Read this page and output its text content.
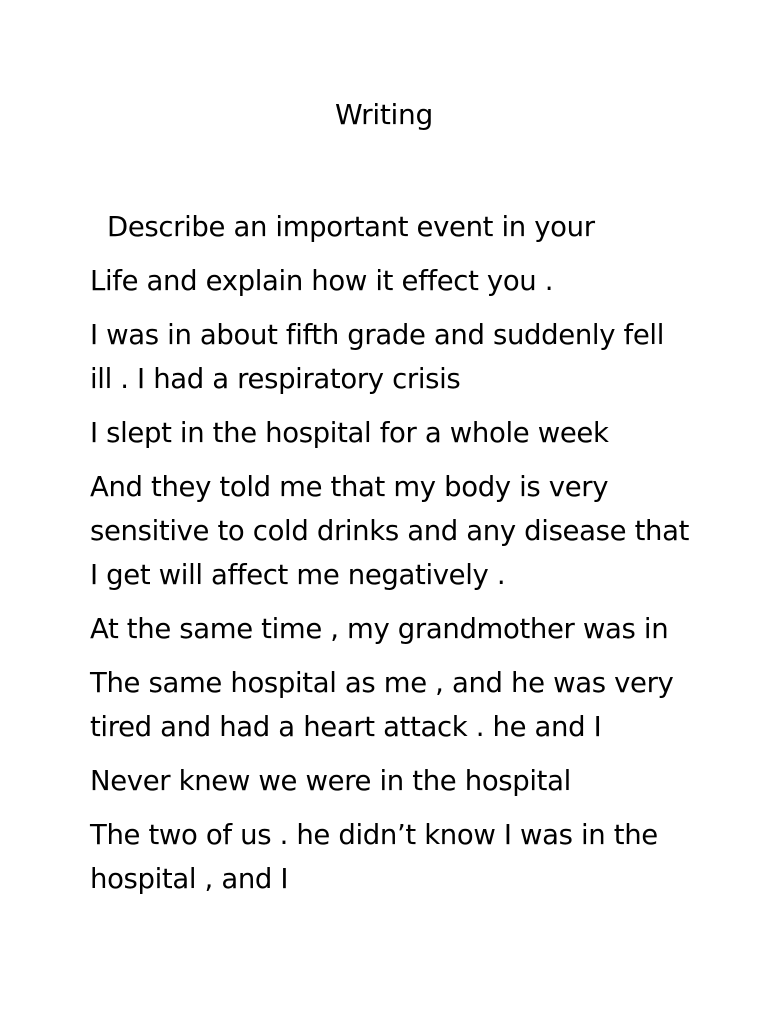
Writing

Describe an important event in your

Life and explain how it effect you .

I was in about fifth grade and suddenly fell
ill . I had a respiratory crisis

I slept in the hospital for a whole week

And they told me that my body is very
sensitive to cold drinks and any disease that
I get will affect me negatively .

At the same time , my grandmother was in

The same hospital as me , and he was very
tired and had a heart attack . he and I

Never knew we were in the hospital

The two of us . he didn’t know I was in the
hospital , and I
